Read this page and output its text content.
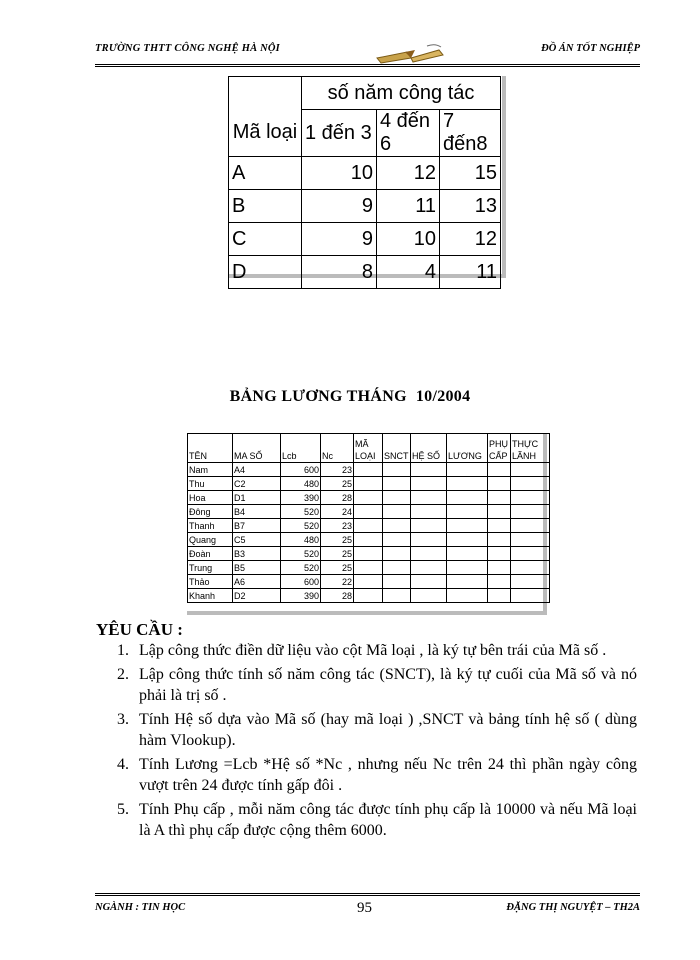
TRƯỜNG THTT CÔNG NGHỆ HÀ NỘI	ĐỒ ÁN TỐT NGHIỆP
	số năm công tác		
Mã loại	1 đến 3	4 đến 6	7 đến8
A	10	12	15
B	9	11	13
C	9	10	12
D	8	4	11
BẢNG LƯƠNG THÁNG 10/2004
TÊN	MA SỐ	Lcb	Nc	MÃ LOẠI	SNCT	HỆ SỐ	LƯƠNG	PHỤ CẤP	THỰC LÃNH
Nam	A4	600	23						
Thu	C2	480	25						
Hoa	D1	390	28						
Đông	B4	520	24						
Thanh	B7	520	23						
Quang	C5	480	25						
Đoàn	B3	520	25						
Trung	B5	520	25						
Thảo	A6	600	22						
Khanh	D2	390	28						
YÊU CẦU :
1. Lập công thức điền dữ liệu vào cột Mã loại , là ký tự bên trái của Mã số .
2. Lập công thức tính số năm công tác (SNCT), là ký tự cuối của Mã số và nó phải là trị số .
3. Tính Hệ số dựa vào Mã số (hay mã loại ) ,SNCT và bảng tính hệ số ( dùng hàm Vlookup).
4. Tính Lương =Lcb *Hệ số *Nc , nhưng nếu Nc trên 24 thì phần ngày công vượt trên 24 được tính gấp đôi .
5. Tính Phụ cấp , mỗi năm công tác được tính phụ cấp là 10000 và nếu Mã loại là A thì phụ cấp được cộng thêm 6000.
NGÀNH : TIN HỌC	95	ĐẶNG THỊ NGUYỆT – TH2A
